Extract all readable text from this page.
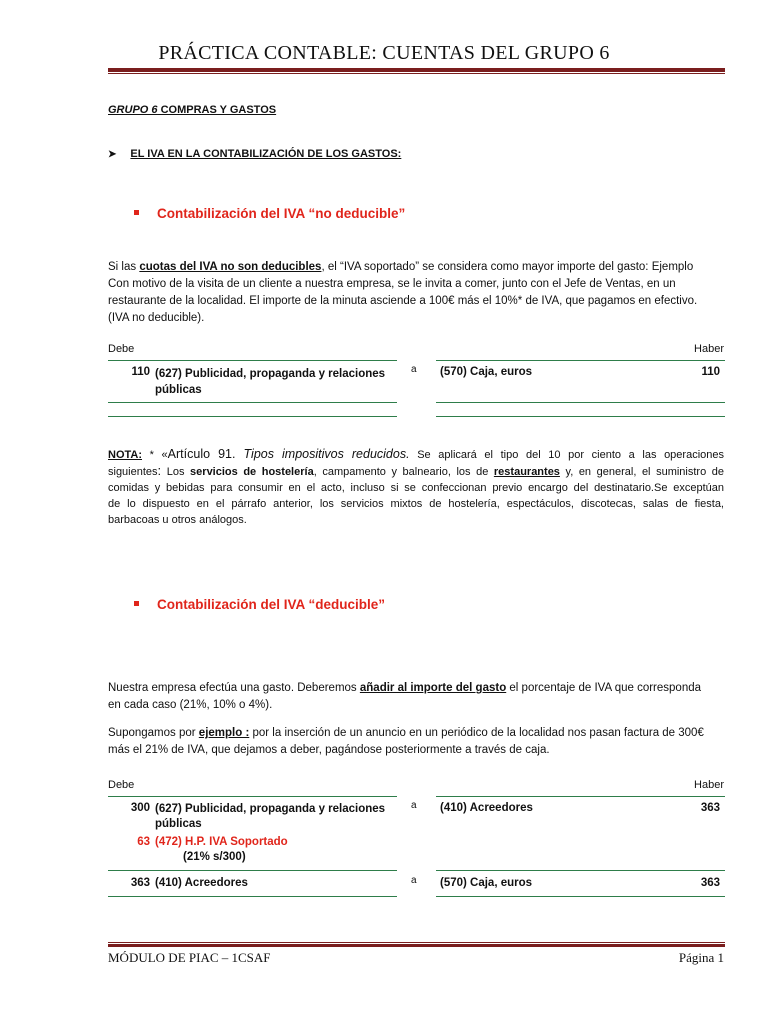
PRÁCTICA CONTABLE: CUENTAS DEL GRUPO 6
GRUPO 6 COMPRAS Y GASTOS
➤ EL IVA EN LA CONTABILIZACIÓN DE LOS GASTOS:
Contabilización del IVA “no deducible”
Si las cuotas del IVA no son deducibles, el “IVA soportado” se considera como mayor importe del gasto: Ejemplo
Con motivo de la visita de un cliente a nuestra empresa, se le invita a comer, junto con el Jefe de Ventas, en un
restaurante de la localidad. El importe de la minuta asciende a 100€ más el 10%* de IVA, que pagamos en efectivo.
(IVA no deducible).
Debe	Haber
110 (627) Publicidad, propaganda y relaciones
públicas
a (570) Caja, euros	110
NOTA: * «Artículo 91. Tipos impositivos reducidos. Se aplicará el tipo del 10 por ciento a las operaciones
siguientes: Los servicios de hostelería, campamento y balneario, los de restaurantes y, en general, el suministro de
comidas y bebidas para consumir en el acto, incluso si se confeccionan previo encargo del destinatario.Se exceptúan
de lo dispuesto en el párrafo anterior, los servicios mixtos de hostelería, espectáculos, discotecas, salas de fiesta,
barbacoas u otros análogos.
Contabilización del IVA “deducible”
Nuestra empresa efectúa una gasto. Deberemos añadir al importe del gasto el porcentaje de IVA que corresponda
en cada caso (21%, 10% o 4%).
Supongamos por ejemplo : por la inserción de un anuncio en un periódico de la localidad nos pasan factura de 300€
más el 21% de IVA, que dejamos a deber, pagándose posteriormente a través de caja.
Debe	Haber
300 (627) Publicidad, propaganda y relaciones
públicas
63 (472) H.P. IVA Soportado
(21% s/300)
a (410) Acreedores	363
363 (410) Acreedores	a (570) Caja, euros	363
MÓDULO DE PIAC – 1CSAF	Página 1
